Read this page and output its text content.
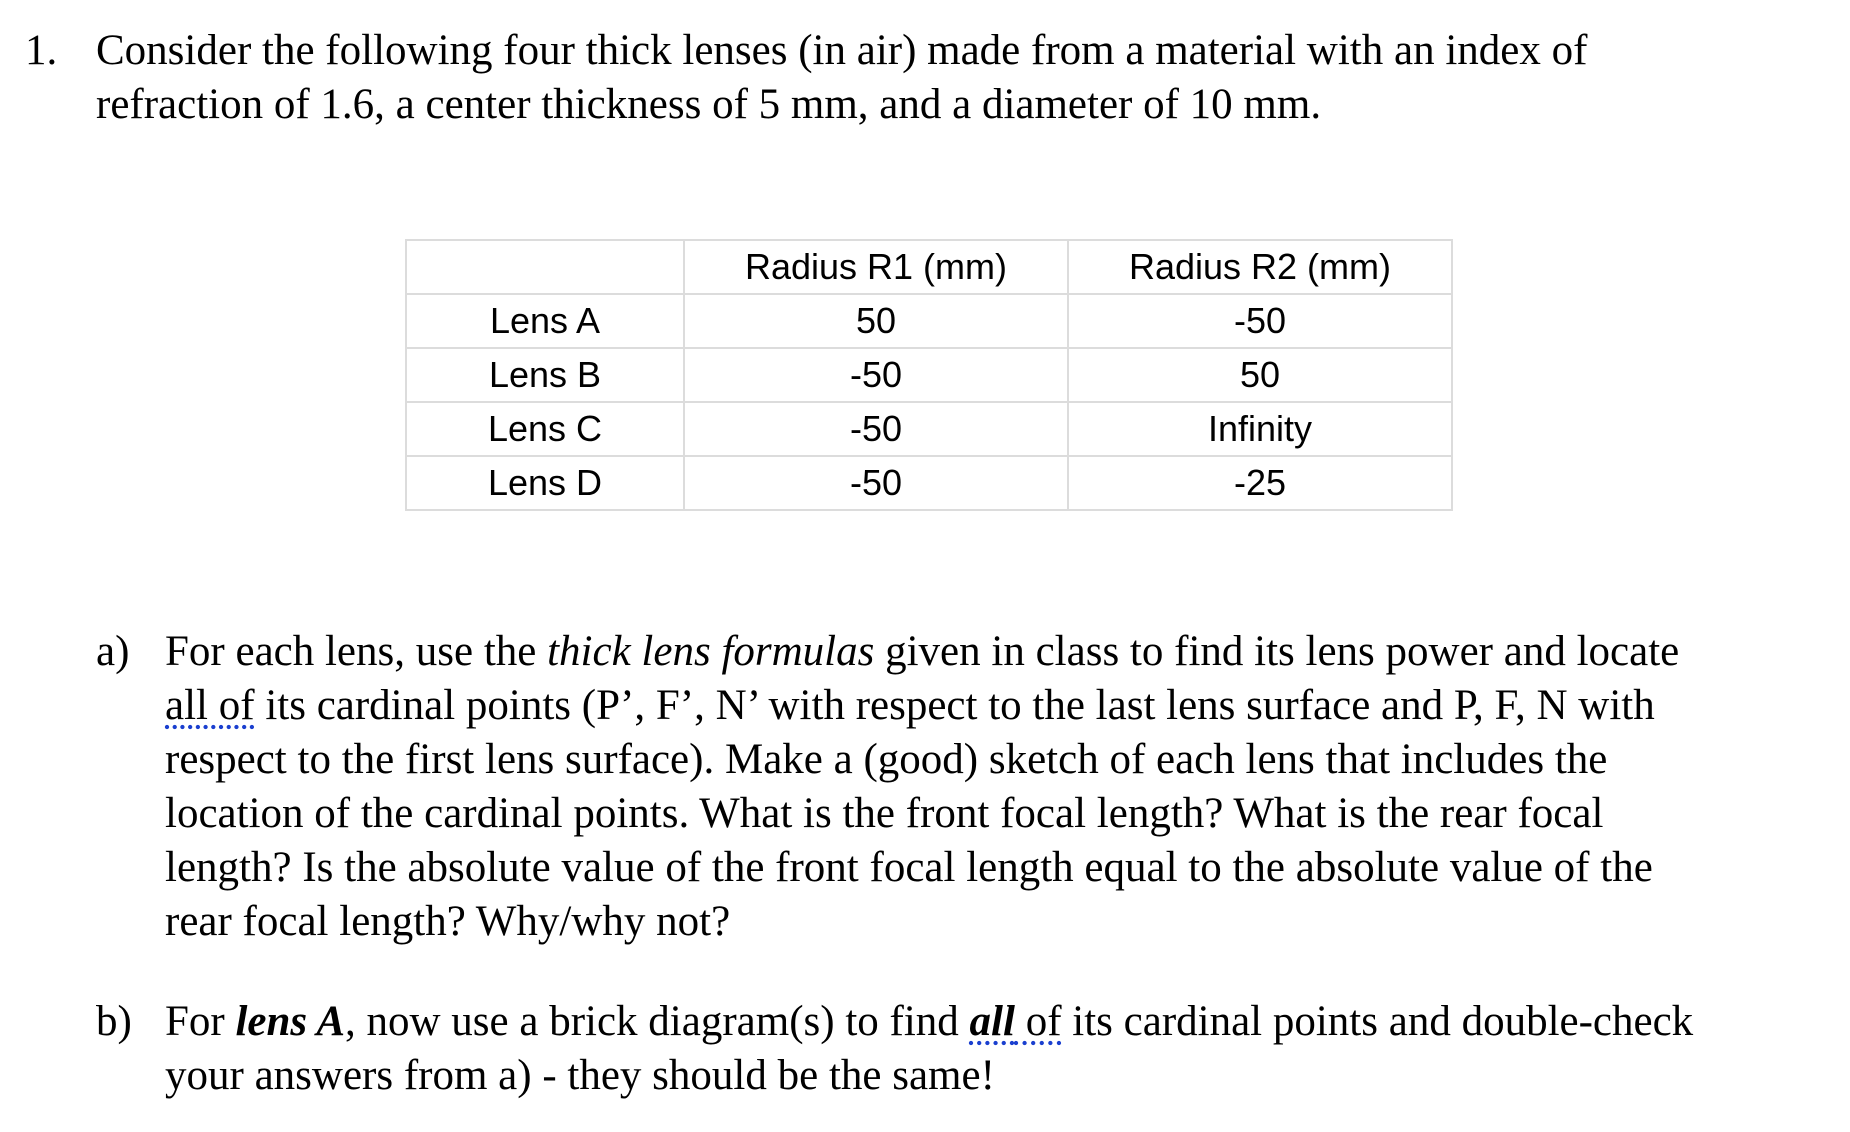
1. Consider the following four thick lenses (in air) made from a material with an index of
refraction of 1.6, a center thickness of 5 mm, and a diameter of 10 mm.
	Radius R1 (mm)	Radius R2 (mm)
Lens A	50	-50
Lens B	-50	50
Lens C	-50	Infinity
Lens D	-50	-25
a) For each lens, use the thick lens formulas given in class to find its lens power and locate
all of its cardinal points (P’, F’, N’ with respect to the last lens surface and P, F, N with
respect to the first lens surface). Make a (good) sketch of each lens that includes the
location of the cardinal points. What is the front focal length? What is the rear focal
length? Is the absolute value of the front focal length equal to the absolute value of the
rear focal length? Why/why not?
b) For lens A, now use a brick diagram(s) to find all of its cardinal points and double-check
your answers from a) - they should be the same!
